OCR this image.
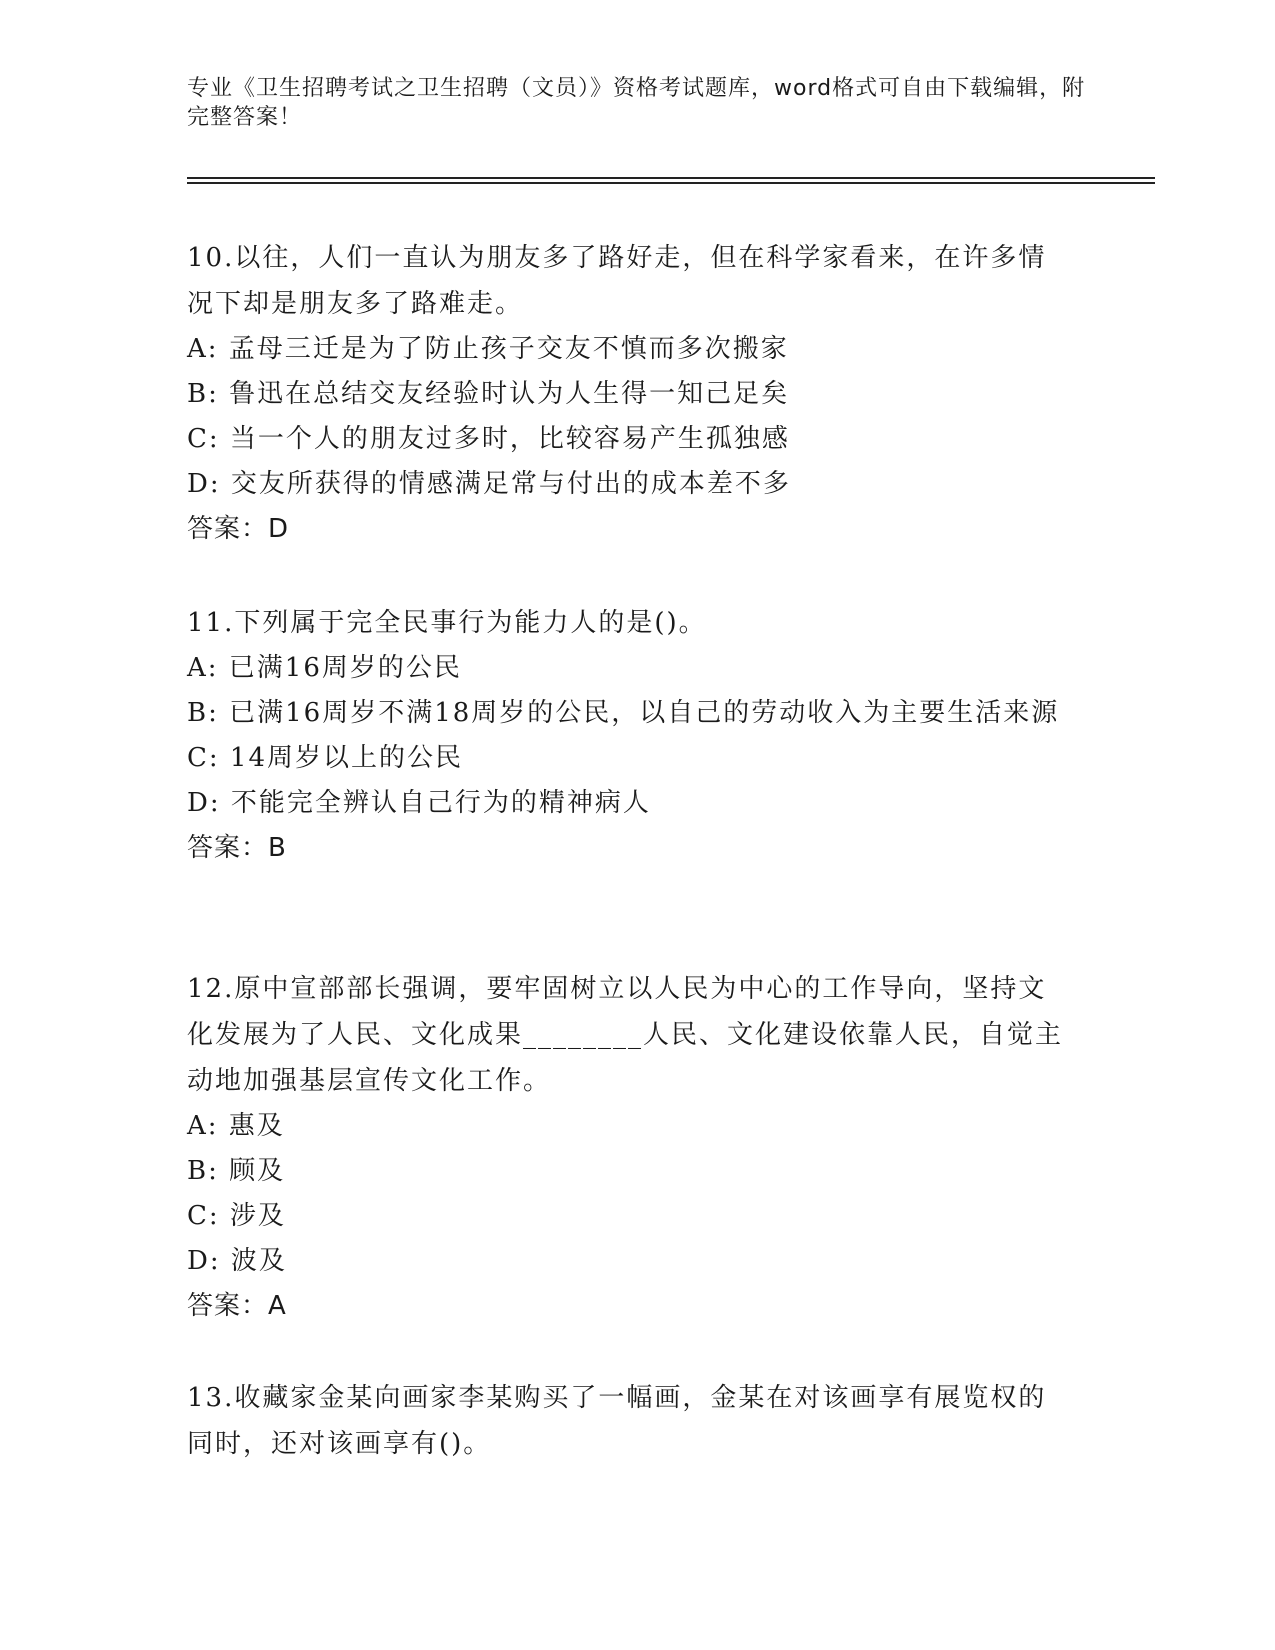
专业《卫生招聘考试之卫生招聘（文员）》资格考试题库，word格式可自由下载编辑，附完整答案！
10.以往，人们一直认为朋友多了路好走，但在科学家看来，在许多情况下却是朋友多了路难走。
A: 孟母三迁是为了防止孩子交友不慎而多次搬家
B: 鲁迅在总结交友经验时认为人生得一知己足矣
C: 当一个人的朋友过多时，比较容易产生孤独感
D: 交友所获得的情感满足常与付出的成本差不多
答案：D
11.下列属于完全民事行为能力人的是()。
A: 已满16周岁的公民
B: 已满16周岁不满18周岁的公民，以自己的劳动收入为主要生活来源
C: 14周岁以上的公民
D: 不能完全辨认自己行为的精神病人
答案：B
12.原中宣部部长强调，要牢固树立以人民为中心的工作导向，坚持文化发展为了人民、文化成果________人民、文化建设依靠人民，自觉主动地加强基层宣传文化工作。
A: 惠及
B: 顾及
C: 涉及
D: 波及
答案：A
13.收藏家金某向画家李某购买了一幅画，金某在对该画享有展览权的同时，还对该画享有()。
